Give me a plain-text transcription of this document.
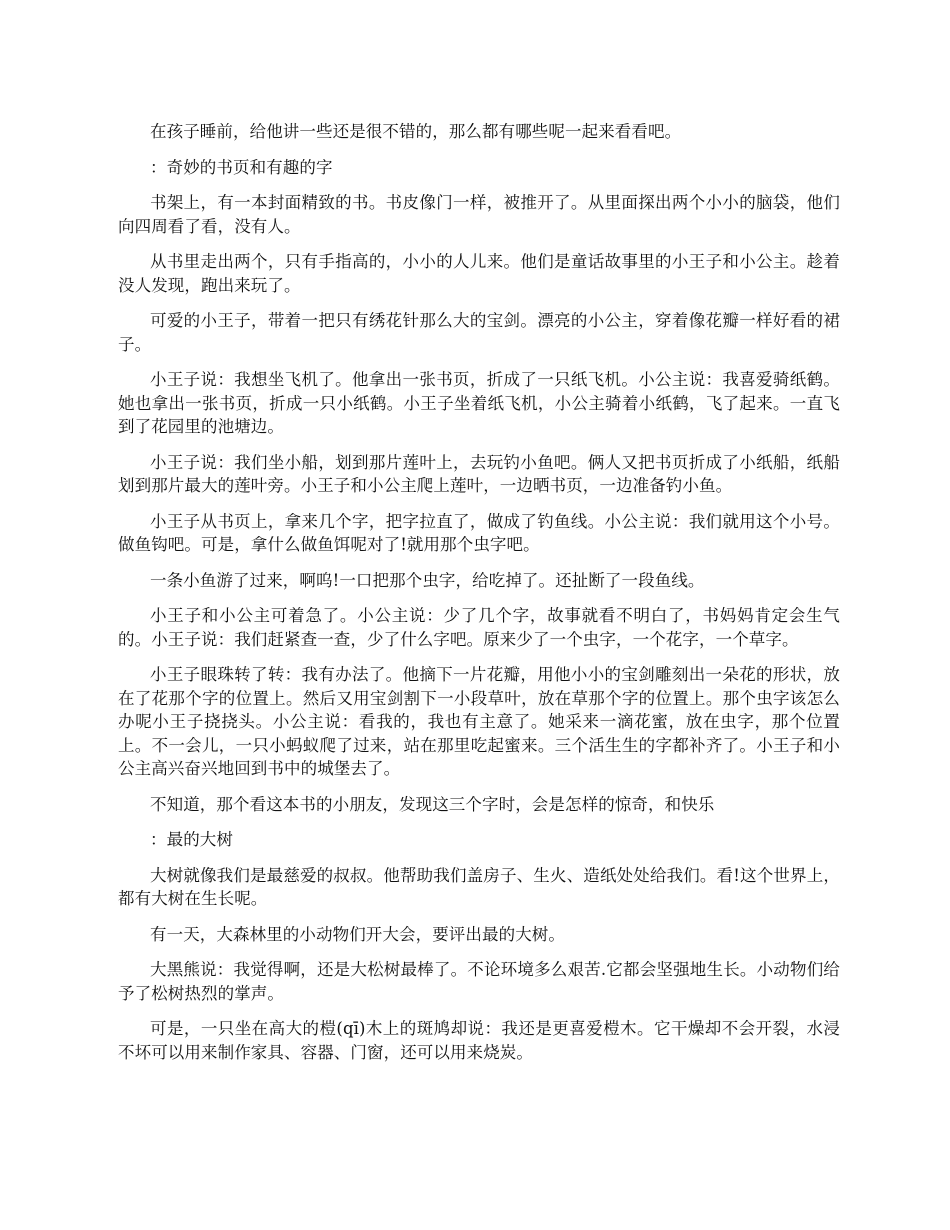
在孩子睡前，给他讲一些还是很不错的，那么都有哪些呢一起来看看吧。

：奇妙的书页和有趣的字

书架上，有一本封面精致的书。书皮像门一样，被推开了。从里面探出两个小小的脑袋，他们向四周看了看，没有人。

从书里走出两个，只有手指高的，小小的人儿来。他们是童话故事里的小王子和小公主。趁着没人发现，跑出来玩了。

可爱的小王子，带着一把只有绣花针那么大的宝剑。漂亮的小公主，穿着像花瓣一样好看的裙子。

小王子说：我想坐飞机了。他拿出一张书页，折成了一只纸飞机。小公主说：我喜爱骑纸鹤。她也拿出一张书页，折成一只小纸鹤。小王子坐着纸飞机，小公主骑着小纸鹤，飞了起来。一直飞到了花园里的池塘边。

小王子说：我们坐小船，划到那片莲叶上，去玩钓小鱼吧。俩人又把书页折成了小纸船，纸船划到那片最大的莲叶旁。小王子和小公主爬上莲叶，一边晒书页，一边准备钓小鱼。

小王子从书页上，拿来几个字，把字拉直了，做成了钓鱼线。小公主说：我们就用这个小号。做鱼钩吧。可是，拿什么做鱼饵呢对了!就用那个虫字吧。

一条小鱼游了过来，啊呜!一口把那个虫字，给吃掉了。还扯断了一段鱼线。

小王子和小公主可着急了。小公主说：少了几个字，故事就看不明白了，书妈妈肯定会生气的。小王子说：我们赶紧查一查，少了什么字吧。原来少了一个虫字，一个花字，一个草字。

小王子眼珠转了转：我有办法了。他摘下一片花瓣，用他小小的宝剑雕刻出一朵花的形状，放在了花那个字的位置上。然后又用宝剑割下一小段草叶，放在草那个字的位置上。那个虫字该怎么办呢小王子挠挠头。小公主说：看我的，我也有主意了。她采来一滴花蜜，放在虫字，那个位置上。不一会儿，一只小蚂蚁爬了过来，站在那里吃起蜜来。三个活生生的字都补齐了。小王子和小公主高兴奋兴地回到书中的城堡去了。

不知道，那个看这本书的小朋友，发现这三个字时，会是怎样的惊奇，和快乐

：最的大树

大树就像我们是最慈爱的叔叔。他帮助我们盖房子、生火、造纸处处给我们。看!这个世界上，都有大树在生长呢。

有一天，大森林里的小动物们开大会，要评出最的大树。

大黑熊说：我觉得啊，还是大松树最棒了。不论环境多么艰苦.它都会坚强地生长。小动物们给予了松树热烈的掌声。

可是，一只坐在高大的榿(qī)木上的斑鸠却说：我还是更喜爱榿木。它干燥却不会开裂，水浸不坏可以用来制作家具、容器、门窗，还可以用来烧炭。
